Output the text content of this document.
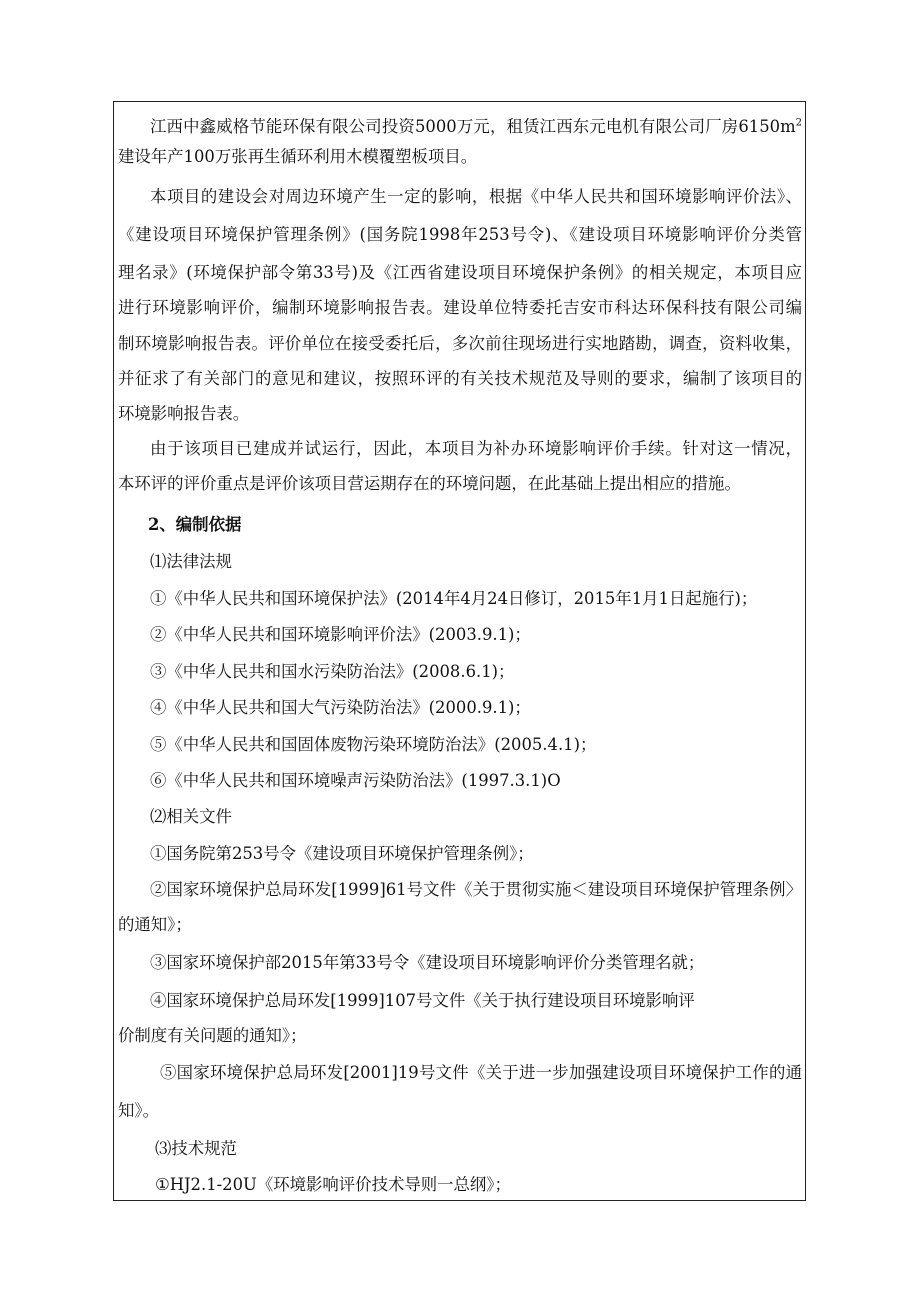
江西中鑫威格节能环保有限公司投资5000万元，租赁江西东元电机有限公司厂房$6150m^2$
建设年产100万张再生循环利用木模覆塑板项目。
本项目的建设会对周边环境产生一定的影响，根据《中华人民共和国环境影响评价法》、
《建设项目环境保护管理条例》(国务院1998年253号令)、《建设项目环境影响评价分类管
理名录》(环境保护部令第33号)及《江西省建设项目环境保护条例》的相关规定，本项目应
进行环境影响评价，编制环境影响报告表。建设单位特委托吉安市科达环保科技有限公司编
制环境影响报告表。评价单位在接受委托后，多次前往现场进行实地踏勘，调查，资料收集，
并征求了有关部门的意见和建议，按照环评的有关技术规范及导则的要求，编制了该项目的
环境影响报告表。
由于该项目已建成并试运行，因此，本项目为补办环境影响评价手续。针对这一情况，
本环评的评价重点是评价该项目营运期存在的环境问题，在此基础上提出相应的措施。
2、编制依据
⑴法律法规
①《中华人民共和国环境保护法》(2014年4月24日修订，2015年1月1日起施行)；
②《中华人民共和国环境影响评价法》(2003.9.1)；
③《中华人民共和国水污染防治法》(2008.6.1)；
④《中华人民共和国大气污染防治法》(2000.9.1)；
⑤《中华人民共和国固体废物污染环境防治法》(2005.4.1)；
⑥《中华人民共和国环境噪声污染防治法》(1997.3.1)O
⑵相关文件
①国务院第253号令《建设项目环境保护管理条例》；
②国家环境保护总局环发[1999]61号文件《关于贯彻实施＜建设项目环境保护管理条例〉
的通知》；
③国家环境保护部2015年第33号令《建设项目环境影响评价分类管理名就；
④国家环境保护总局环发[1999]107号文件《关于执行建设项目环境影响评
价制度有关问题的通知》；
⑤国家环境保护总局环发[2001]19号文件《关于进一步加强建设项目环境保护工作的通
知》。
⑶技术规范
①HJ2.1-20U《环境影响评价技术导则一总纲》；
